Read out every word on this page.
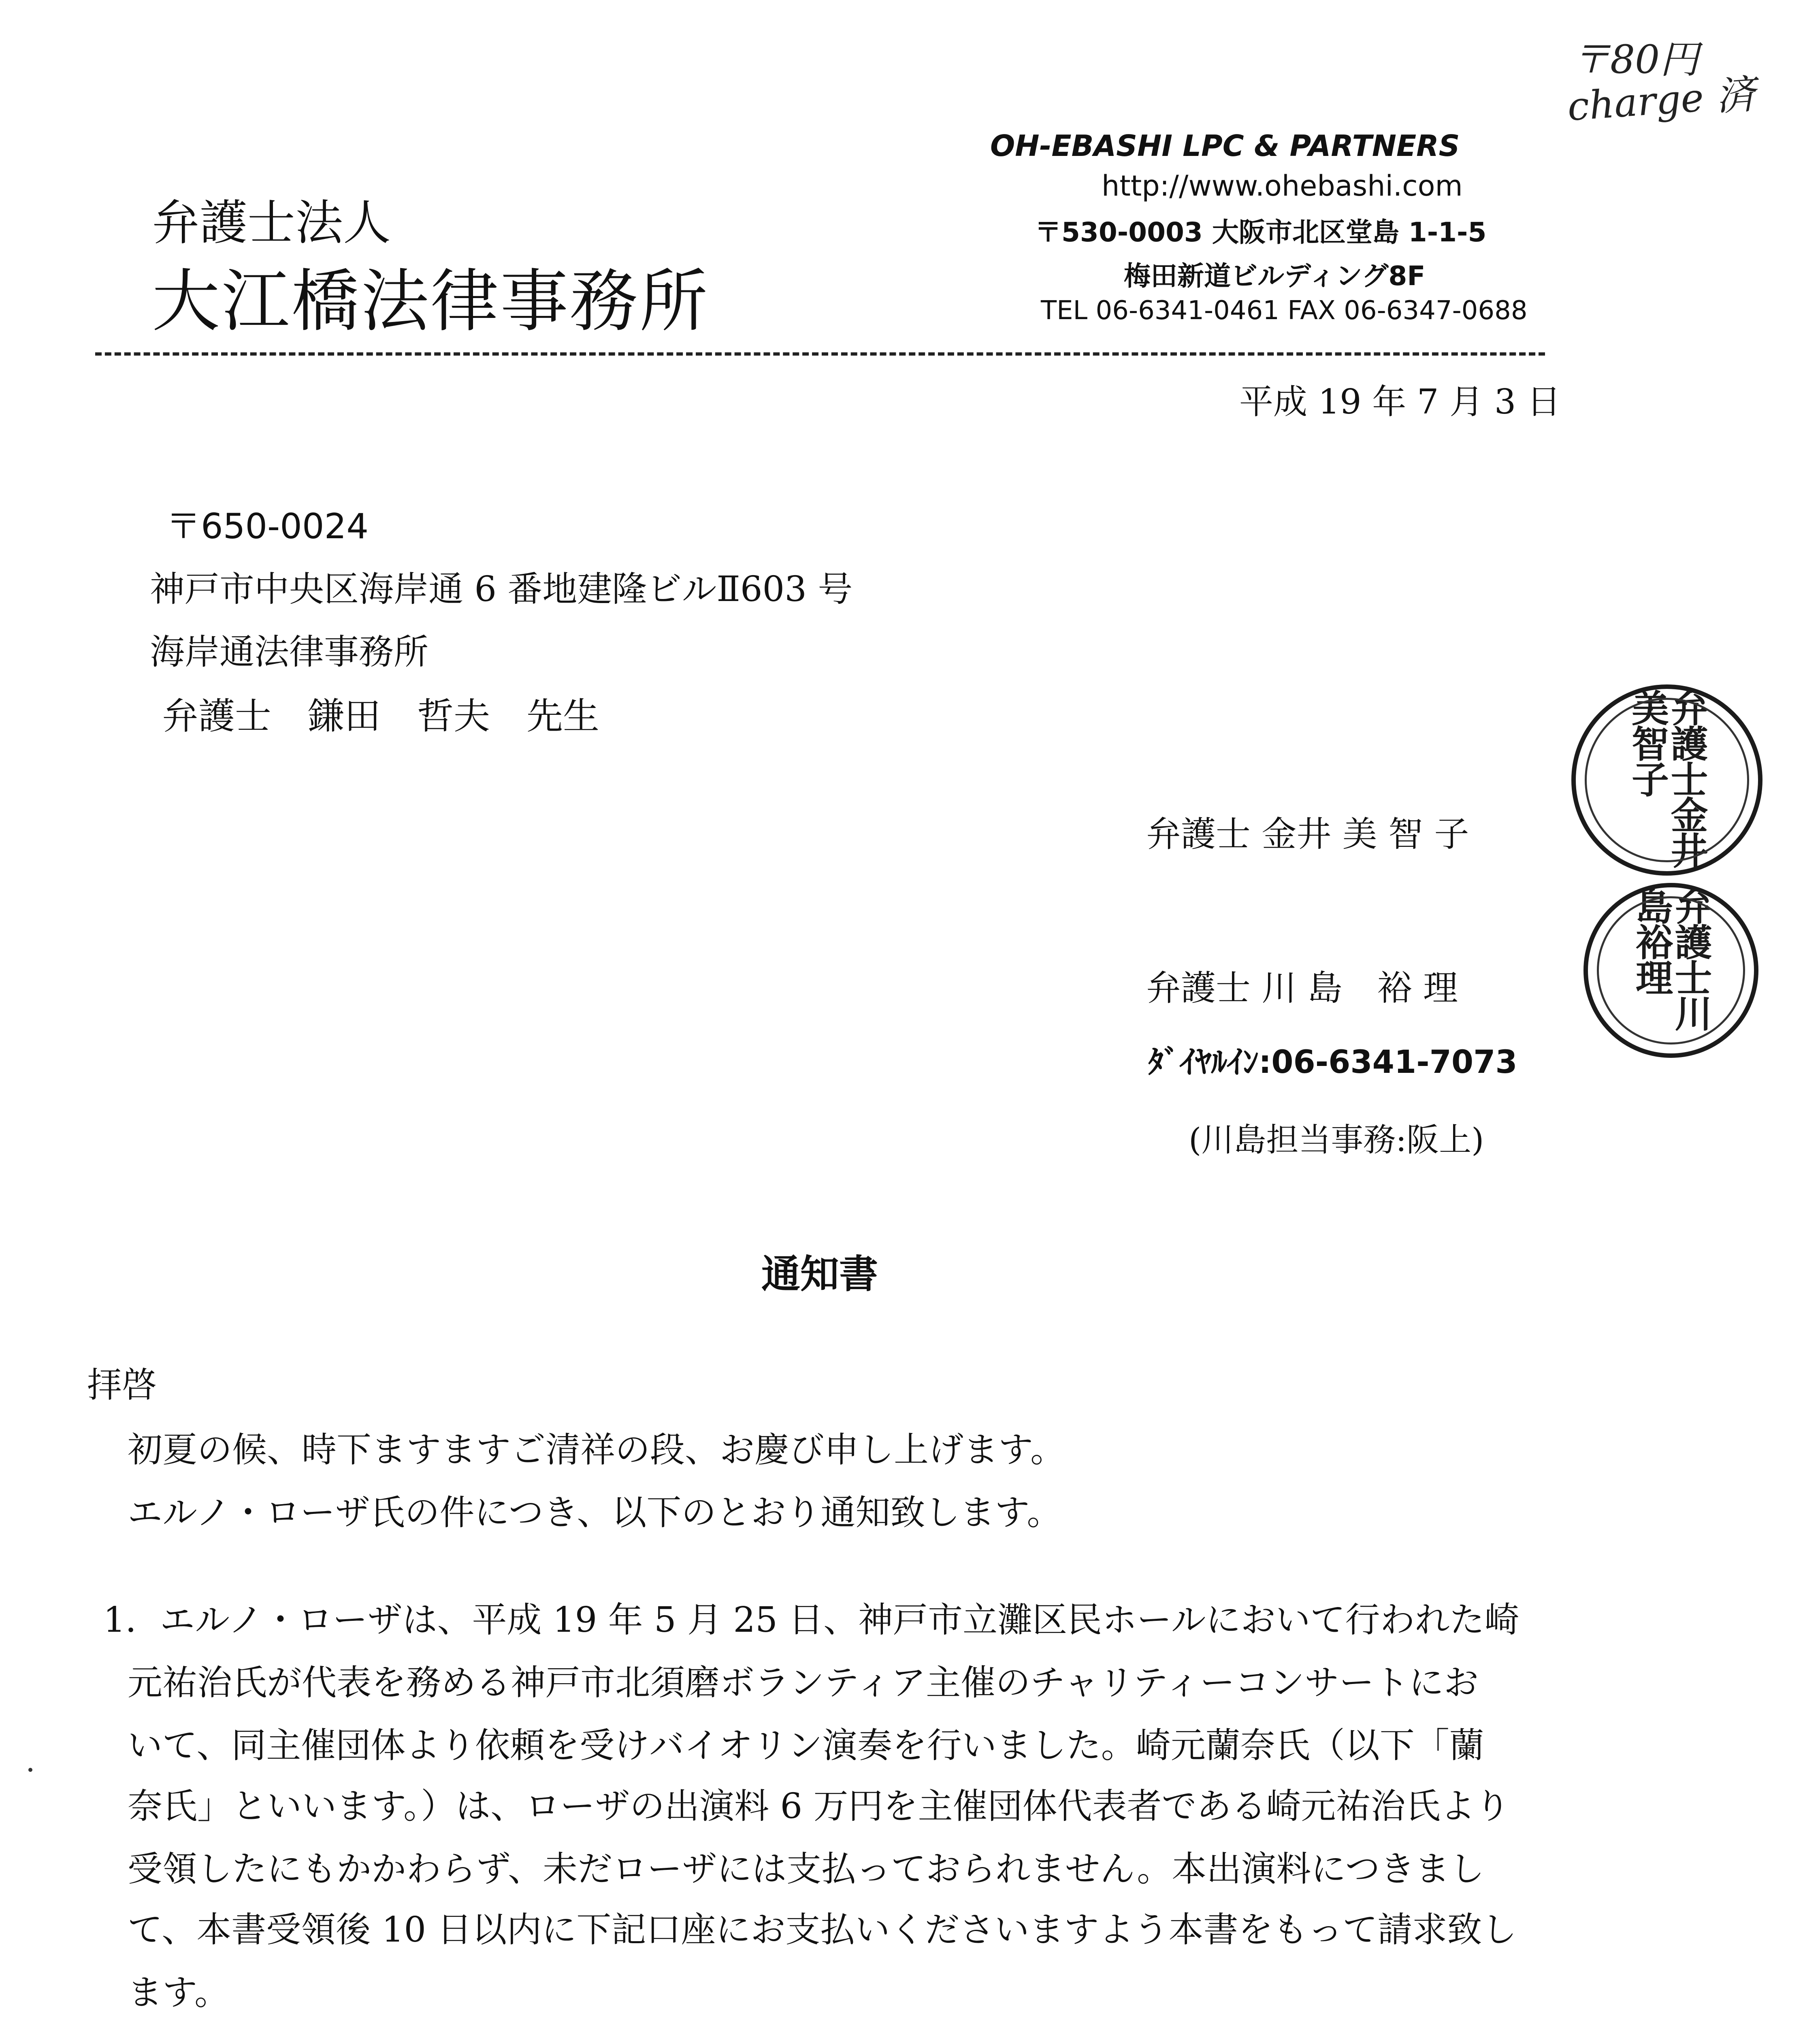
〒80円
charge 済
弁護士法人
大江橋法律事務所
OH-EBASHI LPC & PARTNERS
http://www.ohebashi.com
〒530-0003 大阪市北区堂島 1-1-5
梅田新道ビルディング8F
TEL 06-6341-0461 FAX 06-6347-0688
平成 19 年 7 月 3 日
〒650-0024
神戸市中央区海岸通 6 番地建隆ビルⅡ603 号
海岸通法律事務所
弁護士　鎌田　哲夫　先生
弁護士 金井 美 智 子	弁護士金井美智子
弁護士 川 島　裕 理	弁護士川島裕理
ﾀﾞｲﾔﾙｲﾝ:06-6341-7073
(川島担当事務:阪上)
通知書
拝啓
初夏の候、時下ますますご清祥の段、お慶び申し上げます。
エルノ・ローザ氏の件につき、以下のとおり通知致します。
1． エルノ・ローザは、平成 19 年 5 月 25 日、神戸市立灘区民ホールにおいて行われた崎
元祐治氏が代表を務める神戸市北須磨ボランティア主催のチャリティーコンサートにお
いて、同主催団体より依頼を受けバイオリン演奏を行いました。崎元蘭奈氏（以下「蘭
奈氏」といいます。）は、ローザの出演料 6 万円を主催団体代表者である崎元祐治氏より
受領したにもかかわらず、未だローザには支払っておられません。本出演料につきまし
て、本書受領後 10 日以内に下記口座にお支払いくださいますよう本書をもって請求致し
ます。
